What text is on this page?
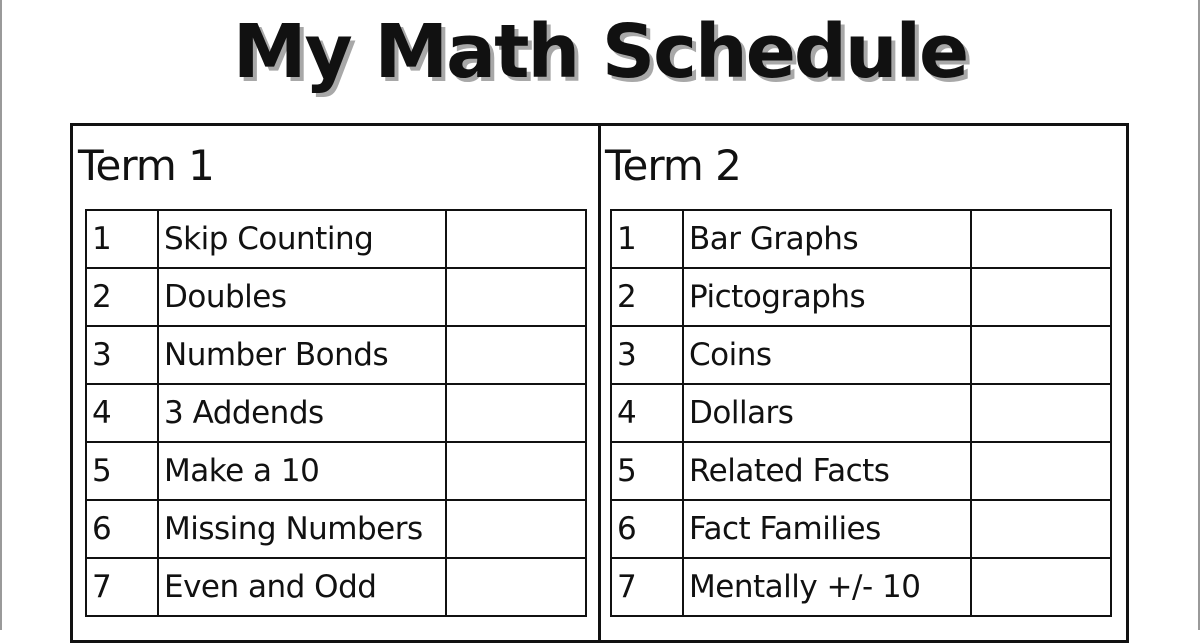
My Math Schedule
Term 1	Term 2
1	Skip Counting	
2	Doubles	
3	Number Bonds	
4	3 Addends	
5	Make a 10	
6	Missing Numbers	
7	Even and Odd	
1	Bar Graphs	
2	Pictographs	
3	Coins	
4	Dollars	
5	Related Facts	
6	Fact Families	
7	Mentally +/- 10	
